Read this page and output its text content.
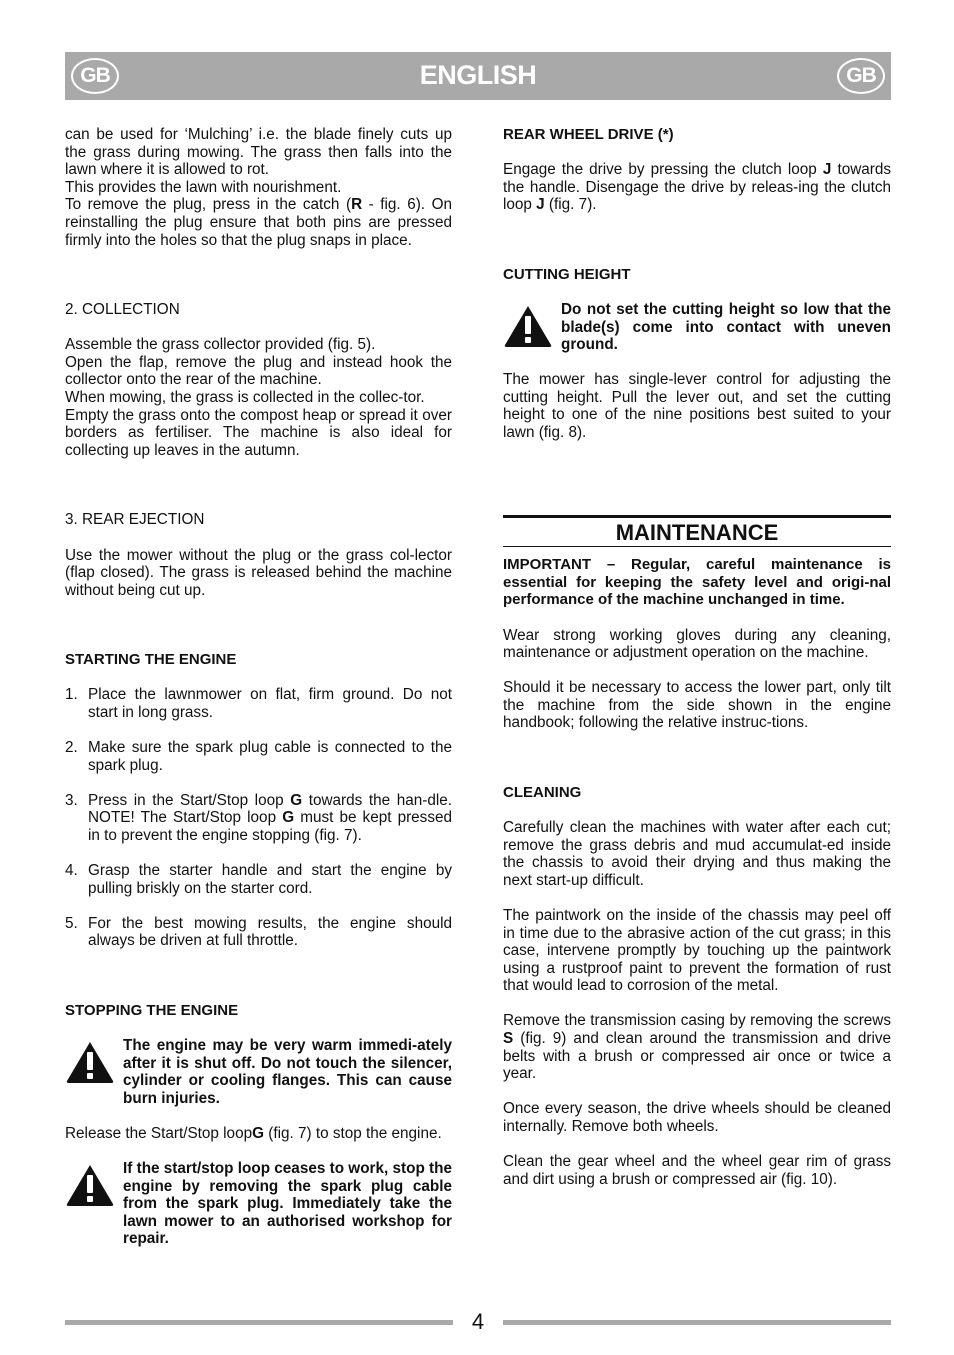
GB	ENGLISH	GB

can be used for ‘Mulching’ i.e. the blade finely cuts up the grass during mowing. The grass then falls into the lawn where it is allowed to rot.

This provides the lawn with nourishment.

To remove the plug, press in the catch (R - fig. 6). On reinstalling the plug ensure that both pins are pressed firmly into the holes so that the plug snaps in place.

2. COLLECTION

Assemble the grass collector provided (fig. 5).

Open the flap, remove the plug and instead hook the collector onto the rear of the machine.

When mowing, the grass is collected in the collec-tor.

Empty the grass onto the compost heap or spread it over borders as fertiliser. The machine is also ideal for collecting up leaves in the autumn.

3. REAR EJECTION

Use the mower without the plug or the grass col-lector (flap closed). The grass is released behind the machine without being cut up.

STARTING THE ENGINE

1. Place the lawnmower on flat, firm ground. Do not start in long grass.
2. Make sure the spark plug cable is connected to the spark plug.
3. Press in the Start/Stop loop G towards the han-dle. NOTE! The Start/Stop loop G must be kept pressed in to prevent the engine stopping (fig. 7).
4. Grasp the starter handle and start the engine by pulling briskly on the starter cord.
5. For the best mowing results, the engine should always be driven at full throttle.

STOPPING THE ENGINE

The engine may be very warm immedi-ately after it is shut off. Do not touch the silencer, cylinder or cooling flanges. This can cause burn injuries.

Release the Start/Stop loopG (fig. 7) to stop the engine.

If the start/stop loop ceases to work, stop the engine by removing the spark plug cable from the spark plug. Immediately take the lawn mower to an authorised workshop for repair.

REAR WHEEL DRIVE (*)

Engage the drive by pressing the clutch loop J towards the handle. Disengage the drive by releas-ing the clutch loop J (fig. 7).

CUTTING HEIGHT

Do not set the cutting height so low that the blade(s) come into contact with uneven ground.

The mower has single-lever control for adjusting the cutting height. Pull the lever out, and set the cutting height to one of the nine positions best suited to your lawn (fig. 8).

MAINTENANCE

IMPORTANT – Regular, careful maintenance is essential for keeping the safety level and origi-nal performance of the machine unchanged in time.

Wear strong working gloves during any cleaning, maintenance or adjustment operation on the machine.

Should it be necessary to access the lower part, only tilt the machine from the side shown in the engine handbook; following the relative instruc-tions.

CLEANING

Carefully clean the machines with water after each cut; remove the grass debris and mud accumulat-ed inside the chassis to avoid their drying and thus making the next start-up difficult.

The paintwork on the inside of the chassis may peel off in time due to the abrasive action of the cut grass; in this case, intervene promptly by touching up the paintwork using a rustproof paint to prevent the formation of rust that would lead to corrosion of the metal.

Remove the transmission casing by removing the screws S (fig. 9) and clean around the transmission and drive belts with a brush or compressed air once or twice a year.

Once every season, the drive wheels should be cleaned internally. Remove both wheels.

Clean the gear wheel and the wheel gear rim of grass and dirt using a brush or compressed air (fig. 10).

4
